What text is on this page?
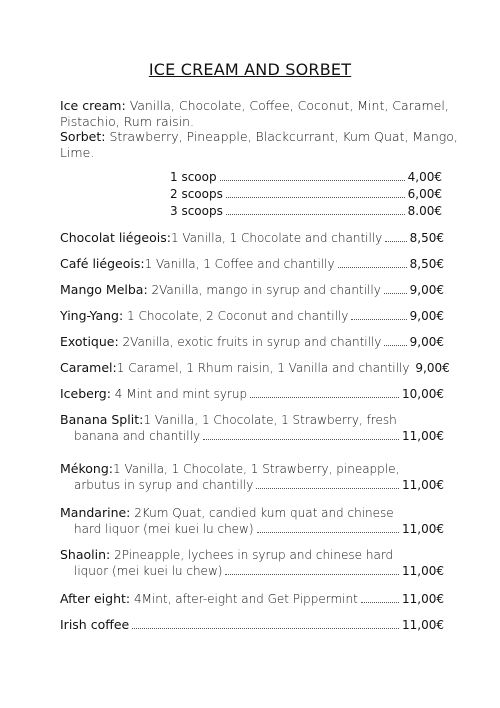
ICE CREAM AND SORBET
Ice cream: Vanilla, Chocolate, Coffee, Coconut, Mint, Caramel, Pistachio, Rum raisin.
Sorbet: Strawberry, Pineapple, Blackcurrant, Kum Quat, Mango, Lime.
1 scoop	4,00€
2 scoops	6,00€
3 scoops	8.00€
Chocolat liégeois:1 Vanilla, 1 Chocolate and chantilly 8,50€
Café liégeois:1 Vanilla, 1 Coffee and chantilly	8,50€
Mango Melba: 2Vanilla, mango in syrup and chantilly 9,00€
Ying-Yang: 1 Chocolate, 2 Coconut and chantilly	9,00€
Exotique: 2Vanilla, exotic fruits in syrup and chantilly 9,00€
Caramel:1 Caramel, 1 Rhum raisin, 1 Vanilla and chantilly 9,00€
Iceberg: 4 Mint and mint syrup	10,00€
Banana Split:1 Vanilla, 1 Chocolate, 1 Strawberry, fresh
banana and chantilly	11,00€
Mékong:1 Vanilla, 1 Chocolate, 1 Strawberry, pineapple,
arbutus in syrup and chantilly	11,00€
Mandarine: 2Kum Quat, candied kum quat and chinese
hard liquor (mei kuei lu chew)	11,00€
Shaolin: 2Pineapple, lychees in syrup and chinese hard
liquor (mei kuei lu chew)	11,00€
After eight: 4Mint, after-eight and Get Pippermint	11,00€
Irish coffee	11,00€
